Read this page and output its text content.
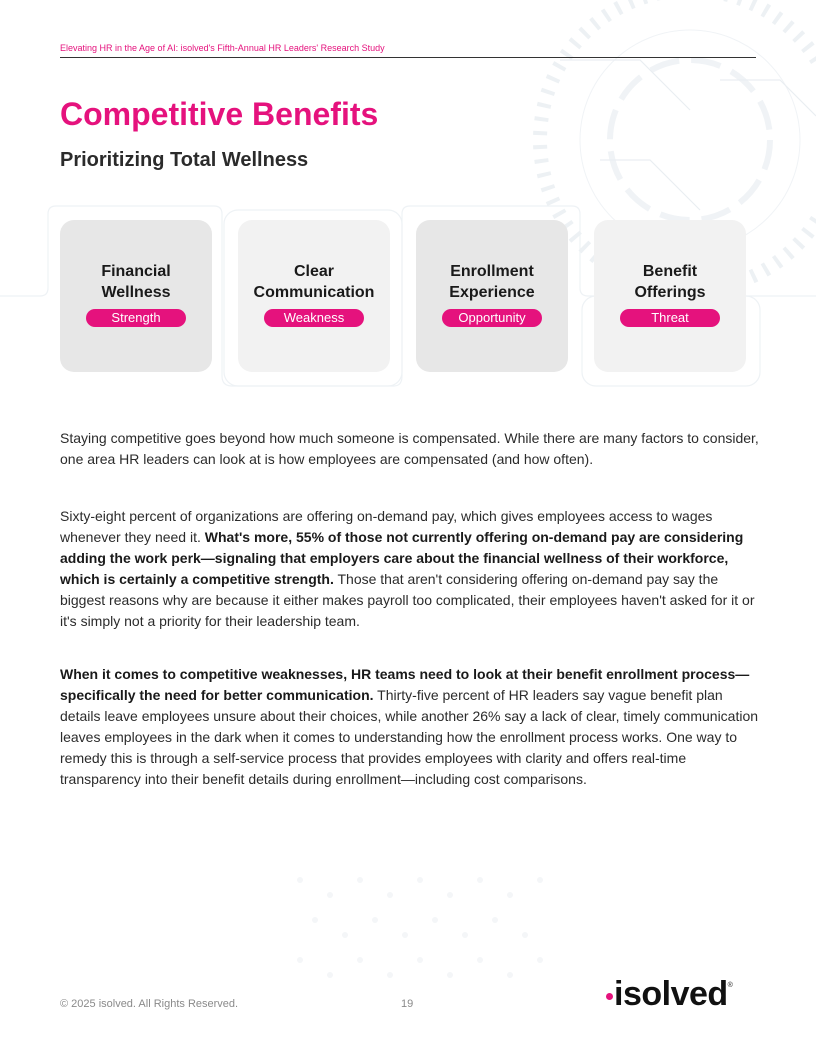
Elevating HR in the Age of AI: isolved's Fifth-Annual HR Leaders' Research Study
Competitive Benefits
Prioritizing Total Wellness
Financial
Wellness
Strength
Clear
Communication
Weakness
Enrollment
Experience
Opportunity
Benefit
Offerings
Threat

Staying competitive goes beyond how much someone is compensated. While there are many factors to consider, one area HR leaders can look at is how employees are compensated (and how often).

Sixty-eight percent of organizations are offering on-demand pay, which gives employees access to wages whenever they need it. What's more, 55% of those not currently offering on-demand pay are considering adding the work perk—signaling that employers care about the financial wellness of their workforce, which is certainly a competitive strength. Those that aren't considering offering on-demand pay say the biggest reasons why are because it either makes payroll too complicated, their employees haven't asked for it or it's simply not a priority for their leadership team.

When it comes to competitive weaknesses, HR teams need to look at their benefit enrollment process—specifically the need for better communication. Thirty-five percent of HR leaders say vague benefit plan details leave employees unsure about their choices, while another 26% say a lack of clear, timely communication leaves employees in the dark when it comes to understanding how the enrollment process works. One way to remedy this is through a self-service process that provides employees with clarity and offers real-time transparency into their benefit details during enrollment—including cost comparisons.

© 2025 isolved. All Rights Reserved.	19	isolved ®
